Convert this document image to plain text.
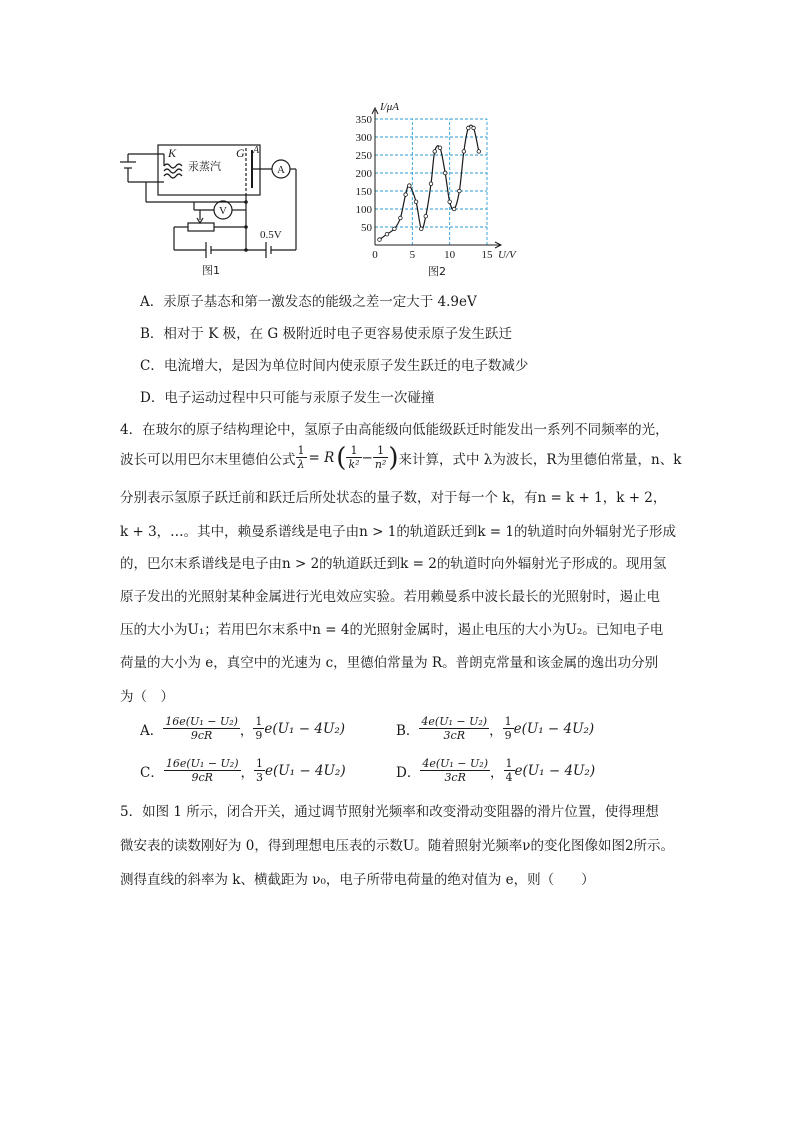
K
汞蒸汽
G A
A
V
0.5V
图1
50
100
150
200
250
300
350
0	5	10 15
I/μA
U/V
图2
A．汞原子基态和第一激发态的能级之差一定大于 4.9eV
B．相对于 K 极，在 G 极附近时电子更容易使汞原子发生跃迁
C．电流增大，是因为单位时间内使汞原子发生跃迁的电子数减少
D．电子运动过程中只可能与汞原子发生一次碰撞
4．在玻尔的原子结构理论中，氢原子由高能级向低能级跃迁时能发出一系列不同频率的光，
波长可以用巴尔末里德伯公式 $\frac{1}{\lambda} = R$ ( $\frac{1}{\text{k²}} - \frac{1}{\text{n²}}$ ) 来计算，式中 λ为波长，R为里德伯常量，n、k
分别表示氢原子跃迁前和跃迁后所处状态的量子数，对于每一个 k，有n = k + 1，k + 2，
k + 3，…。其中，赖曼系谱线是电子由n > 1的轨道跃迁到k = 1的轨道时向外辐射光子形成
的，巴尔末系谱线是电子由n > 2的轨道跃迁到k = 2的轨道时向外辐射光子形成的。现用氢
原子发出的光照射某种金属进行光电效应实验。若用赖曼系中波长最长的光照射时，遏止电
压的大小为U₁；若用巴尔末系中n = 4的光照射金属时，遏止电压的大小为U₂。已知电子电
荷量的大小为 e，真空中的光速为 c，里德伯常量为 R。普朗克常量和该金属的逸出功分别
为（　）
A． $\frac{\text{16e(U₁ − U₂)}}{9cR}$ ， $\frac{1}{9} e(U_1 - 4U_2)$	B． $\frac{\text{4e(U₁ − U₂)}}{3cR}$ ， $\frac{1}{9} e(U_1 - 4U_2)$
C． $\frac{\text{16e(U₁ − U₂)}}{9cR}$ ， $\frac{1}{3} e(U_1 - 4U_2)$	D． $\frac{\text{4e(U₁ − U₂)}}{3cR}$ ， $\frac{1}{4} e(U_1 - 4U_2)$
5．如图 1 所示，闭合开关，通过调节照射光频率和改变滑动变阻器的滑片位置，使得理想
微安表的读数刚好为 0，得到理想电压表的示数U。随着照射光频率ν的变化图像如图2所示。
测得直线的斜率为 k、横截距为 ν₀，电子所带电荷量的绝对值为 e，则（　　）
